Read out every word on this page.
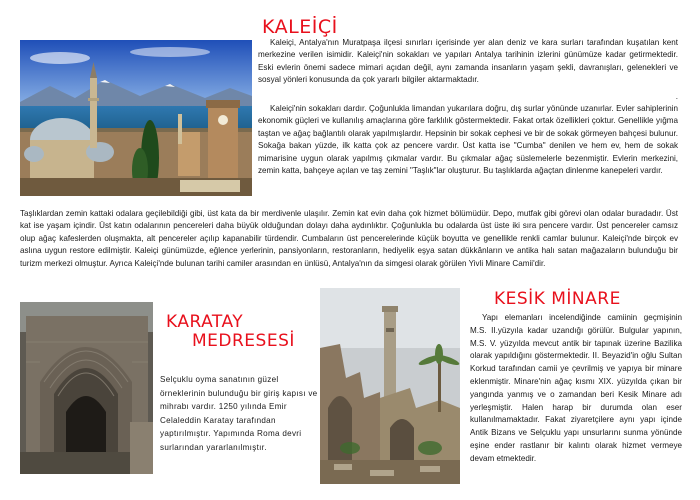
KALEİÇİ
KARATAY
MEDRESESİ
KESİK MİNARE

Kaleiçi, Antalya'nın Muratpaşa ilçesi sınırları içerisinde yer alan deniz ve kara surları tarafından kuşatılan kent merkezine verilen isimidir. Kaleiçi'nin sokakları ve yapıları Antalya tarihinin izlerini günümüze kadar getirmektedir. Eski evlerin önemi sadece mimari açıdan değil, aynı zamanda insanların yaşam şekli, davranışları, gelenekleri ve sosyal yönleri konusunda da çok yararlı bilgiler aktarmaktadır.

.

Kaleiçi'nin sokakları dardır. Çoğunlukla limandan yukarılara doğru, dış surlar yönünde uzanırlar. Evler sahiplerinin ekonomik güçleri ve kullanılış amaçlarına göre farklılık göstermektedir. Fakat ortak özellikleri çoktur. Genellikle yığma taştan ve ağaç bağlantılı olarak yapılmışlardır. Hepsinin bir sokak cephesi ve bir de sokak görmeyen bahçesi bulunur. Sokağa bakan yüzde, ilk katta çok az pencere vardır. Üst katta ise "Cumba" denilen ve hem ev, hem de sokak mimarisine uygun olarak yapılmış çıkmalar vardır. Bu çıkmalar ağaç süslemelerle bezenmiştir. Evlerin merkezini, zemin katta, bahçeye açılan ve taş zemini "Taşlık"lar oluşturur. Bu taşlıklarda ağaçtan dinlenme kanepeleri vardır.

Taşlıklardan zemin kattaki odalara geçilebildiği gibi, üst kata da bir merdivenle ulaşılır. Zemin kat evin daha çok hizmet bölümüdür. Depo, mutfak gibi görevi olan odalar buradadır. Üst kat ise yaşam içindir. Üst katın odalarının pencereleri daha büyük olduğundan dolayı daha aydınlıktır. Çoğunlukla bu odalarda üst üste iki sıra pencere vardır. Üst pencereler camsız olup ağaç kafeslerden oluşmakta, alt pencereler açılıp kapanabilir türdendir. Cumbaların üst pencerelerinde küçük boyutta ve genellikle renkli camlar bulunur. Kaleiçi'nde birçok ev aslına uygun restore edilmiştir. Kaleiçi günümüzde, eğlence yerlerinin, pansiyonların, restoranların, hediyelik eşya satan dükkânların ve antika halı satan mağazaların bulunduğu bir turizm merkezi olmuştur. Ayrıca Kaleiçi'nde bulunan tarihi camiler arasından en ünlüsü, Antalya'nın da simgesi olarak görülen Yivli Minare Camii'dir.

Selçuklu oyma sanatının güzel örneklerinin bulunduğu bir giriş kapısı ve mihrabı vardır. 1250 yılında Emir Celaleddin Karatay tarafından yaptırılmıştır. Yapımında Roma devri surlarından yararlanılmıştır.

Yapı elemanları incelendiğinde camiinin geçmişinin M.S. II.yüzyıla kadar uzandığı görülür. Bulgular yapının, M.S. V. yüzyılda mevcut antik bir tapınak üzerine Bazilika olarak yapıldığını göstermektedir. II. Beyazid'in oğlu Sultan Korkud tarafından camii ye çevrilmiş ve yapıya bir minare eklenmiştir. Minare'nin ağaç kısmı XIX. yüzyılda çıkan bir yangında yanmış ve o zamandan beri Kesik Minare adı yerleşmiştir. Halen harap bir durumda olan eser kullanılmamaktadır. Fakat ziyaretçilere aynı yapı içinde Antik Bizans ve Selçuklu yapı unsurlarını sunma yönünde eşine ender rastlanır bir kalıntı olarak hizmet vermeye devam etmektedir.
